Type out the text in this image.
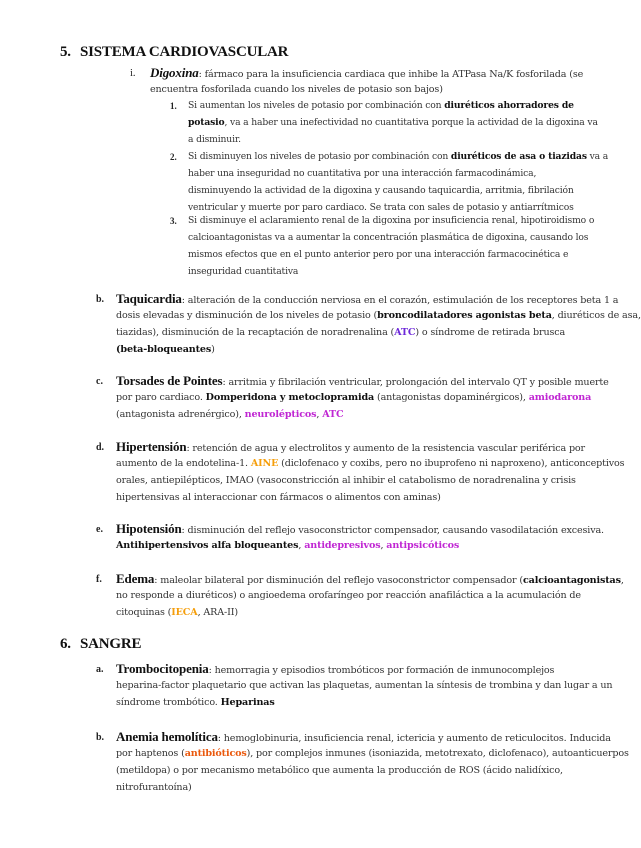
5. SISTEMA CARDIOVASCULAR
i. Digoxina: fármaco para la insuficiencia cardiaca que inhibe la ATPasa Na/K fosforilada (se
encuentra fosforilada cuando los niveles de potasio son bajos)
1. Si aumentan los niveles de potasio por combinación con diuréticos ahorradores de
potasio, va a haber una inefectividad no cuantitativa porque la actividad de la digoxina va
a disminuir.
2. Si disminuyen los niveles de potasio por combinación con diuréticos de asa o tiazidas va a
haber una inseguridad no cuantitativa por una interacción farmacodinámica,
disminuyendo la actividad de la digoxina y causando taquicardia, arritmia, fibrilación
ventricular y muerte por paro cardiaco. Se trata con sales de potasio y antiarrítmicos
3. Si disminuye el aclaramiento renal de la digoxina por insuficiencia renal, hipotiroidismo o
calcioantagonistas va a aumentar la concentración plasmática de digoxina, causando los
mismos efectos que en el punto anterior pero por una interacción farmacocinética e
inseguridad cuantitativa
b. Taquicardia: alteración de la conducción nerviosa en el corazón, estimulación de los receptores beta 1 a
dosis elevadas y disminución de los niveles de potasio (broncodilatadores agonistas beta, diuréticos de asa,
tiazidas), disminución de la recaptación de noradrenalina (ATC) o síndrome de retirada brusca
(beta-bloqueantes)
c. Torsades de Pointes: arritmia y fibrilación ventricular, prolongación del intervalo QT y posible muerte
por paro cardiaco. Domperidona y metoclopramida (antagonistas dopaminérgicos), amiodarona
(antagonista adrenérgico), neurolépticos, ATC
d. Hipertensión: retención de agua y electrolitos y aumento de la resistencia vascular periférica por
aumento de la endotelina-1. AINE (diclofenaco y coxibs, pero no ibuprofeno ni naproxeno), anticonceptivos
orales, antiepilépticos, IMAO (vasoconstricción al inhibir el catabolismo de noradrenalina y crisis
hipertensivas al interaccionar con fármacos o alimentos con aminas)
e. Hipotensión: disminución del reflejo vasoconstrictor compensador, causando vasodilatación excesiva.
Antihipertensivos alfa bloqueantes, antidepresivos, antipsicóticos
f. Edema: maleolar bilateral por disminución del reflejo vasoconstrictor compensador (calcioantagonistas,
no responde a diuréticos) o angioedema orofaríngeo por reacción anafiláctica a la acumulación de
citoquinas (IECA, ARA-II)
6. SANGRE
a. Trombocitopenia: hemorragia y episodios trombóticos por formación de inmunocomplejos
heparina-factor plaquetario que activan las plaquetas, aumentan la síntesis de trombina y dan lugar a un
síndrome trombótico. Heparinas
b. Anemia hemolítica: hemoglobinuria, insuficiencia renal, ictericia y aumento de reticulocitos. Inducida
por haptenos (antibióticos), por complejos inmunes (isoniazida, metotrexato, diclofenaco), autoanticuerpos
(metildopa) o por mecanismo metabólico que aumenta la producción de ROS (ácido nalidíxico,
nitrofurantoína)
